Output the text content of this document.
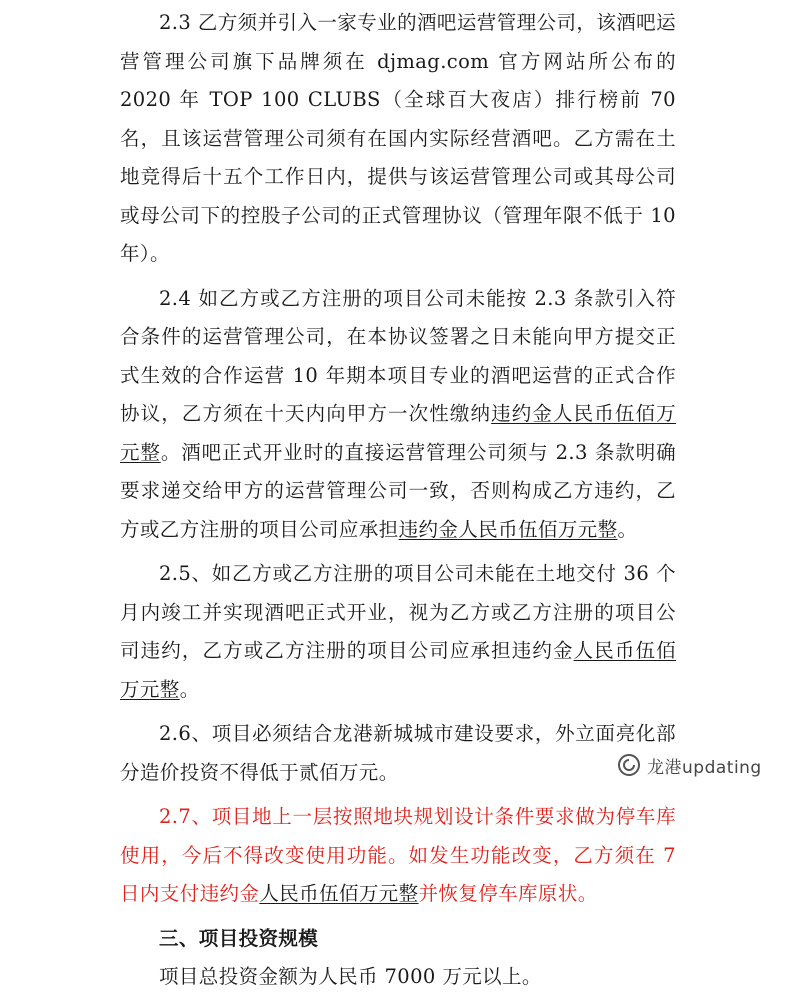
2.3 乙方须并引入一家专业的酒吧运营管理公司，该酒吧运营管理公司旗下品牌须在 djmag.com 官方网站所公布的 2020 年 TOP 100 CLUBS（全球百大夜店）排行榜前 70 名，且该运营管理公司须有在国内实际经营酒吧。乙方需在土地竞得后十五个工作日内，提供与该运营管理公司或其母公司或母公司下的控股子公司的正式管理协议（管理年限不低于 10 年）。

2.4 如乙方或乙方注册的项目公司未能按 2.3 条款引入符合条件的运营管理公司，在本协议签署之日未能向甲方提交正式生效的合作运营 10 年期本项目专业的酒吧运营的正式合作协议，乙方须在十天内向甲方一次性缴纳违约金人民币伍佰万元整。酒吧正式开业时的直接运营管理公司须与 2.3 条款明确要求递交给甲方的运营管理公司一致，否则构成乙方违约，乙方或乙方注册的项目公司应承担违约金人民币伍佰万元整。

2.5、如乙方或乙方注册的项目公司未能在土地交付 36 个月内竣工并实现酒吧正式开业，视为乙方或乙方注册的项目公司违约，乙方或乙方注册的项目公司应承担违约金人民币伍佰万元整。

2.6、项目必须结合龙港新城城市建设要求，外立面亮化部分造价投资不得低于贰佰万元。

2.7、项目地上一层按照地块规划设计条件要求做为停车库使用，今后不得改变使用功能。如发生功能改变，乙方须在 7 日内支付违约金人民币伍佰万元整并恢复停车库原状。

三、项目投资规模

项目总投资金额为人民币 7000 万元以上。

龙港updating
